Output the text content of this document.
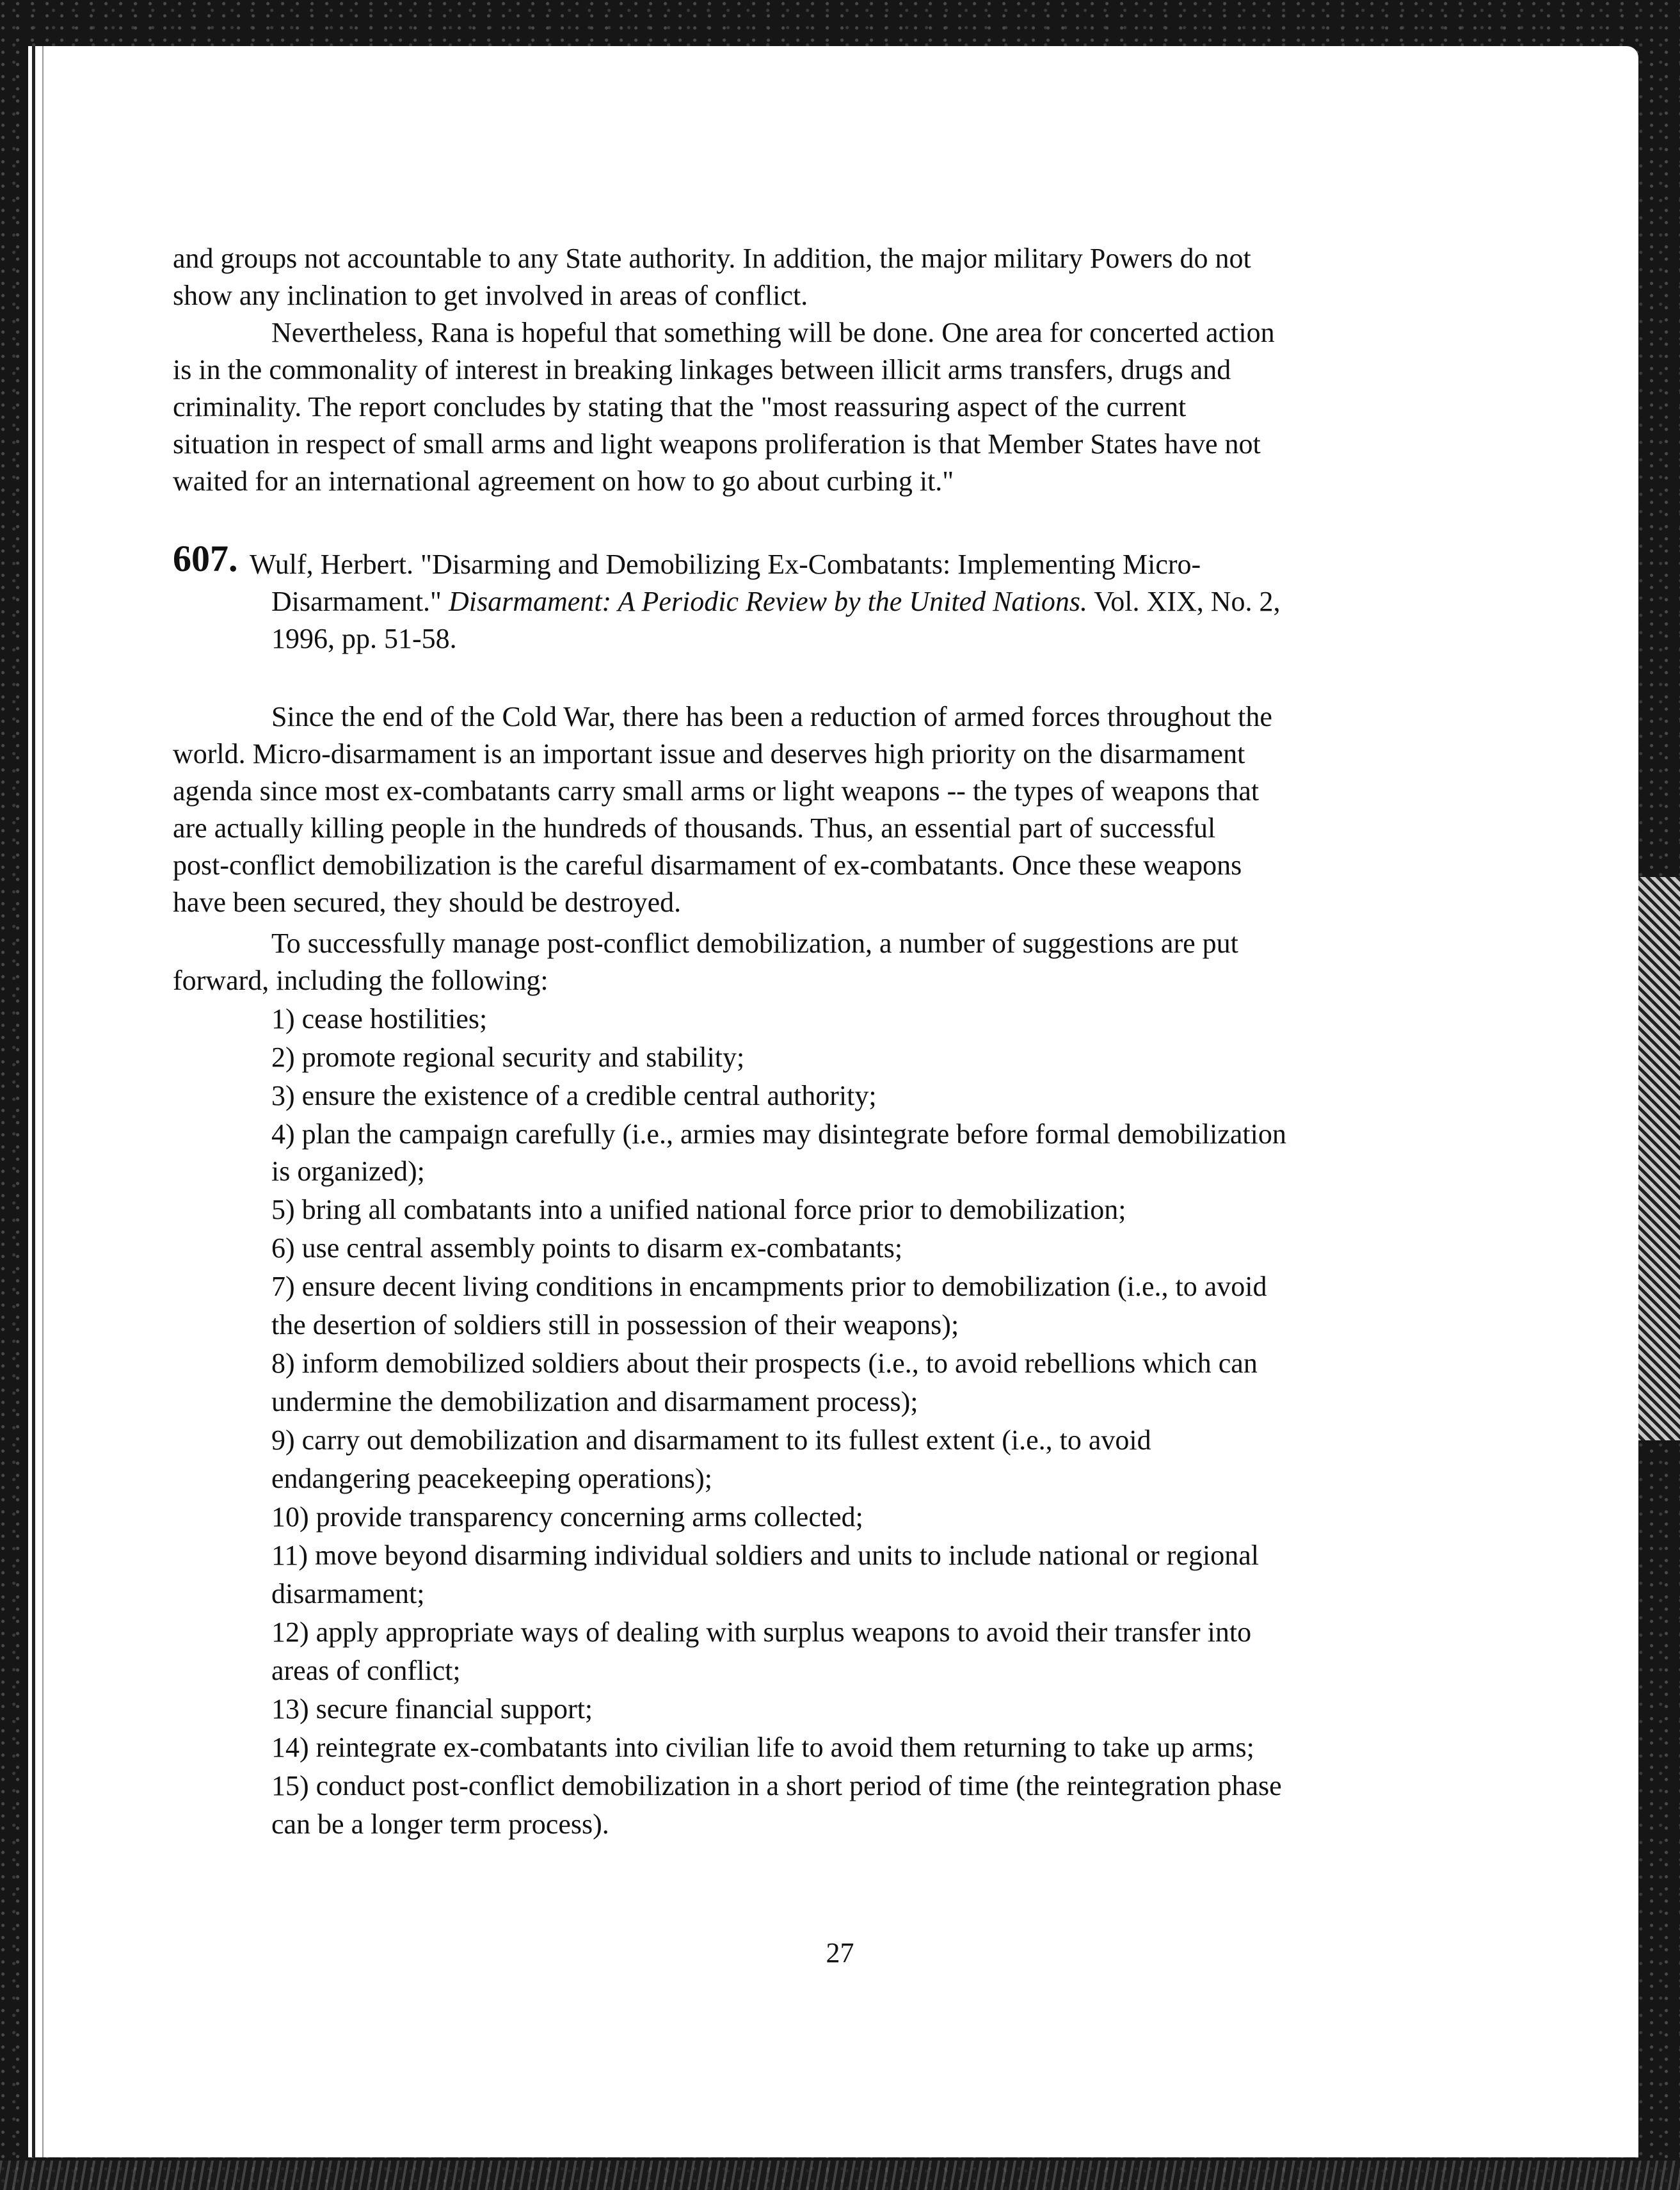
and groups not accountable to any State authority. In addition, the major military Powers do not
show any inclination to get involved in areas of conflict.
Nevertheless, Rana is hopeful that something will be done. One area for concerted action
is in the commonality of interest in breaking linkages between illicit arms transfers, drugs and
criminality. The report concludes by stating that the "most reassuring aspect of the current
situation in respect of small arms and light weapons proliferation is that Member States have not
waited for an international agreement on how to go about curbing it."
607. Wulf, Herbert. "Disarming and Demobilizing Ex-Combatants: Implementing Micro-
Disarmament." Disarmament: A Periodic Review by the United Nations. Vol. XIX, No. 2,
1996, pp. 51-58.
Since the end of the Cold War, there has been a reduction of armed forces throughout the
world. Micro-disarmament is an important issue and deserves high priority on the disarmament
agenda since most ex-combatants carry small arms or light weapons -- the types of weapons that
are actually killing people in the hundreds of thousands. Thus, an essential part of successful
post-conflict demobilization is the careful disarmament of ex-combatants. Once these weapons
have been secured, they should be destroyed.
To successfully manage post-conflict demobilization, a number of suggestions are put
forward, including the following:
1) cease hostilities;
2) promote regional security and stability;
3) ensure the existence of a credible central authority;
4) plan the campaign carefully (i.e., armies may disintegrate before formal demobilization
is organized);
5) bring all combatants into a unified national force prior to demobilization;
6) use central assembly points to disarm ex-combatants;
7) ensure decent living conditions in encampments prior to demobilization (i.e., to avoid
the desertion of soldiers still in possession of their weapons);
8) inform demobilized soldiers about their prospects (i.e., to avoid rebellions which can
undermine the demobilization and disarmament process);
9) carry out demobilization and disarmament to its fullest extent (i.e., to avoid
endangering peacekeeping operations);
10) provide transparency concerning arms collected;
11) move beyond disarming individual soldiers and units to include national or regional
disarmament;
12) apply appropriate ways of dealing with surplus weapons to avoid their transfer into
areas of conflict;
13) secure financial support;
14) reintegrate ex-combatants into civilian life to avoid them returning to take up arms;
15) conduct post-conflict demobilization in a short period of time (the reintegration phase
can be a longer term process).
27
